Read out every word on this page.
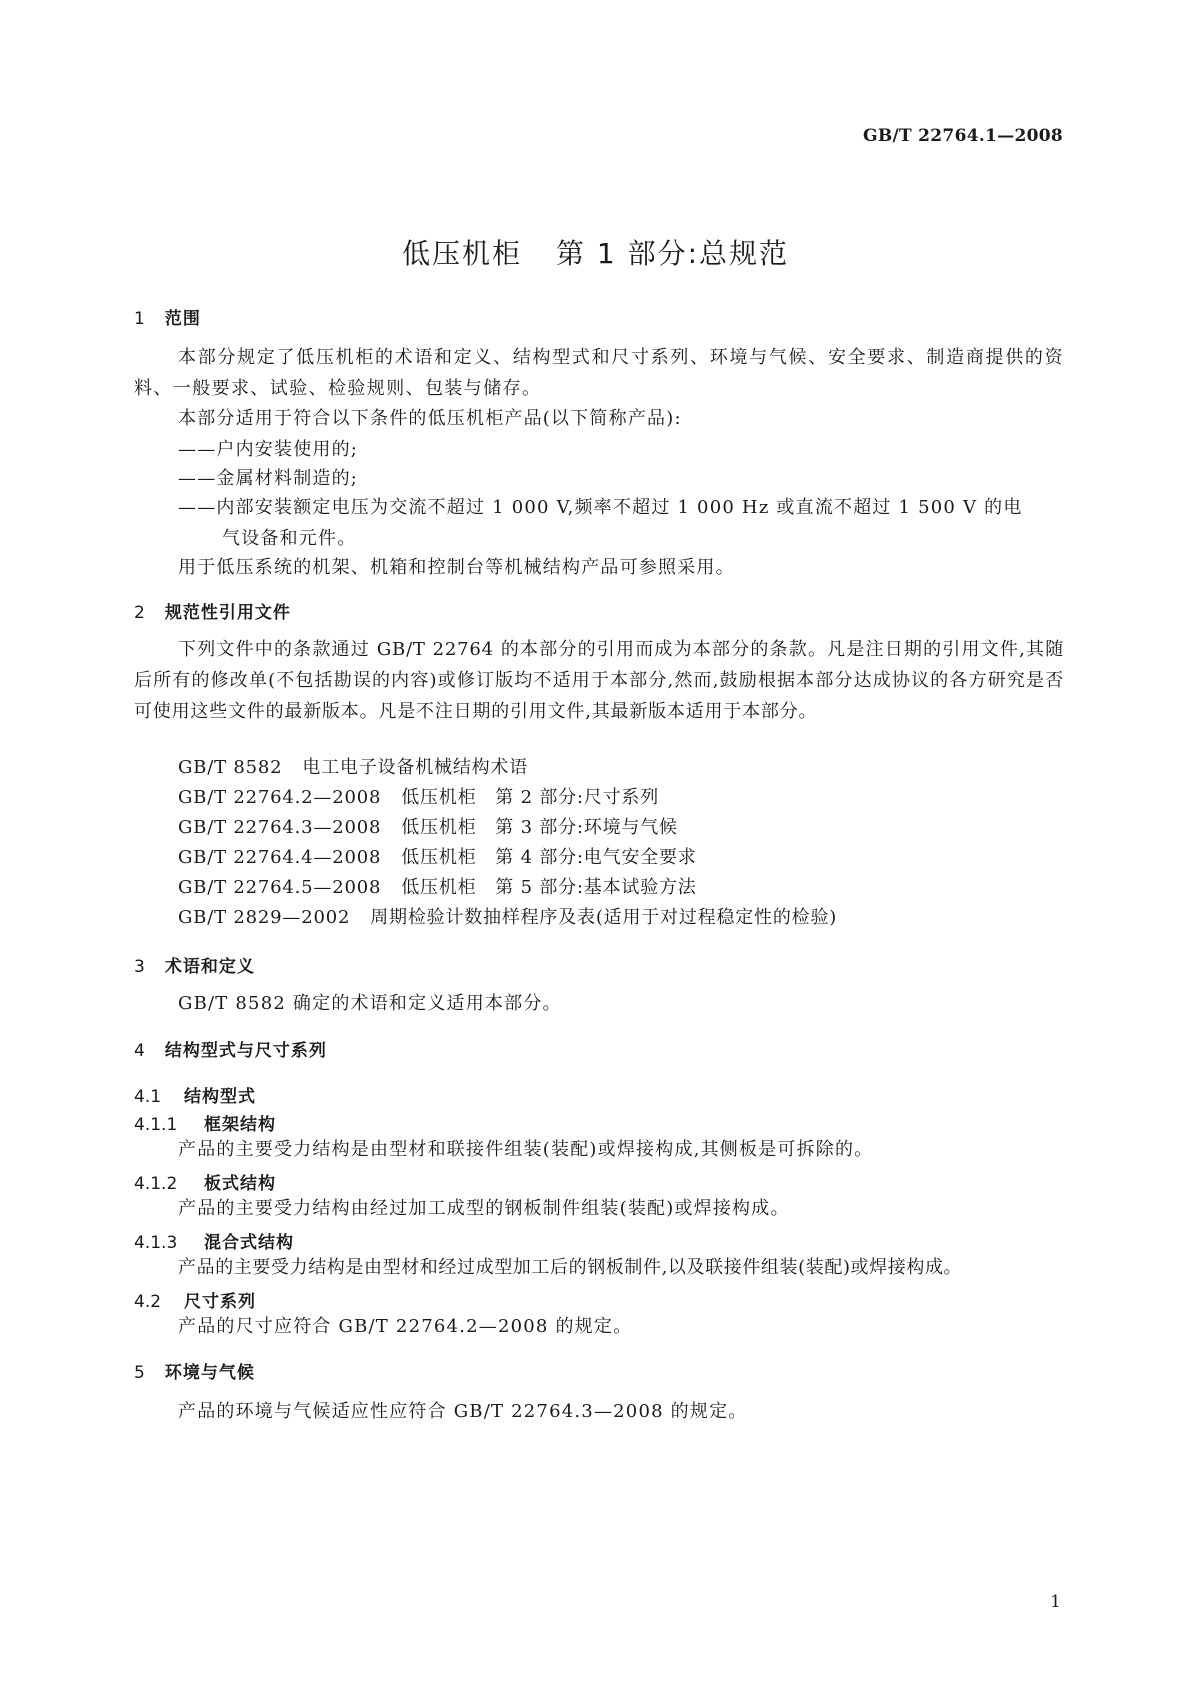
GB/T 22764.1—2008
低压机柜 第 1 部分:总规范
1 范围
本部分规定了低压机柜的术语和定义、结构型式和尺寸系列、环境与气候、安全要求、制造商提供的资料、一般要求、试验、检验规则、包装与储存。
本部分适用于符合以下条件的低压机柜产品(以下简称产品):
——户内安装使用的;
——金属材料制造的;
——内部安装额定电压为交流不超过 1 000 V,频率不超过 1 000 Hz 或直流不超过 1 500 V 的电
气设备和元件。
用于低压系统的机架、机箱和控制台等机械结构产品可参照采用。
2 规范性引用文件
下列文件中的条款通过 GB/T 22764 的本部分的引用而成为本部分的条款。凡是注日期的引用文件,其随后所有的修改单(不包括勘误的内容)或修订版均不适用于本部分,然而,鼓励根据本部分达成协议的各方研究是否可使用这些文件的最新版本。凡是不注日期的引用文件,其最新版本适用于本部分。
GB/T 8582 电工电子设备机械结构术语
GB/T 22764.2—2008 低压机柜　第 2 部分:尺寸系列
GB/T 22764.3—2008 低压机柜　第 3 部分:环境与气候
GB/T 22764.4—2008 低压机柜　第 4 部分:电气安全要求
GB/T 22764.5—2008 低压机柜　第 5 部分:基本试验方法
GB/T 2829—2002 周期检验计数抽样程序及表(适用于对过程稳定性的检验)
3 术语和定义
GB/T 8582 确定的术语和定义适用本部分。
4 结构型式与尺寸系列
4.1 结构型式
4.1.1 框架结构
产品的主要受力结构是由型材和联接件组装(装配)或焊接构成,其侧板是可拆除的。
4.1.2 板式结构
产品的主要受力结构由经过加工成型的钢板制件组装(装配)或焊接构成。
4.1.3 混合式结构
产品的主要受力结构是由型材和经过成型加工后的钢板制件,以及联接件组装(装配)或焊接构成。
4.2 尺寸系列
产品的尺寸应符合 GB/T 22764.2—2008 的规定。
5 环境与气候
产品的环境与气候适应性应符合 GB/T 22764.3—2008 的规定。
1
